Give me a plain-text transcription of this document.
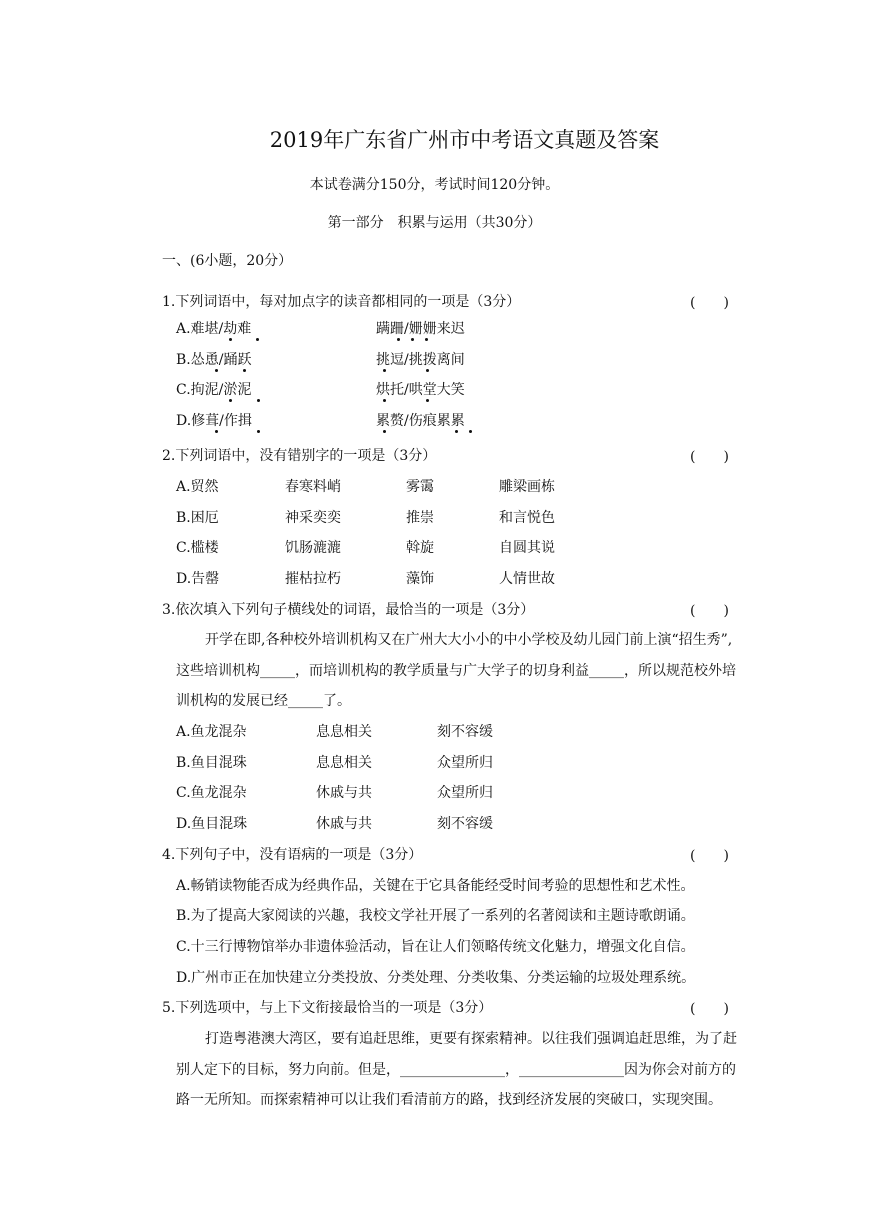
2019年广东省广州市中考语文真题及答案
本试卷满分150分，考试时间120分钟。
第一部分　积累与运用（共30分）
一、(6小题，20分）
1.下列词语中，每对加点字的读音都相同的一项是（3分）	(　　)
A.难堪/劫难	蹒跚/姗姗来迟
B.怂恿/踊跃	挑逗/挑拨离间
C.拘泥/淤泥	烘托/哄堂大笑
D.修葺/作揖	累赘/伤痕累累
2.下列词语中，没有错别字的一项是（3分）	(　　)
A.贸然	春寒料峭	雾霭	雕梁画栋
B.困厄	神采奕奕	推崇	和言悦色
C.槛楼	饥肠漉漉	斡旋	自圆其说
D.告罄	摧枯拉朽	藻饰	人情世故
3.依次填入下列句子横线处的词语，最恰当的一项是（3分）	(　　)
开学在即,各种校外培训机构又在广州大大小小的中小学校及幼儿园门前上演“招生秀”,
这些培训机构_____，而培训机构的教学质量与广大学子的切身利益_____，所以规范校外培
训机构的发展已经_____了。
A.鱼龙混杂	息息相关	刻不容缓
B.鱼目混珠	息息相关	众望所归
C.鱼龙混杂	休戚与共	众望所归
D.鱼目混珠	休戚与共	刻不容缓
4.下列句子中，没有语病的一项是（3分）	(　　)
A.畅销读物能否成为经典作品，关键在于它具备能经受时间考验的思想性和艺术性。
B.为了提高大家阅读的兴趣，我校文学社开展了一系列的名著阅读和主题诗歌朗诵。
C.十三行博物馆举办非遗体验活动，旨在让人们领略传统文化魅力，增强文化自信。
D.广州市正在加快建立分类投放、分类处理、分类收集、分类运输的垃圾处理系统。
5.下列选项中，与上下文衔接最恰当的一项是（3分）	(　　)
打造粤港澳大湾区，要有追赶思维，更要有探索精神。以往我们强调追赶思维，为了赶
别人定下的目标，努力向前。但是，_______________，_______________因为你会对前方的
路一无所知。而探索精神可以让我们看清前方的路，找到经济发展的突破口，实现突围。
